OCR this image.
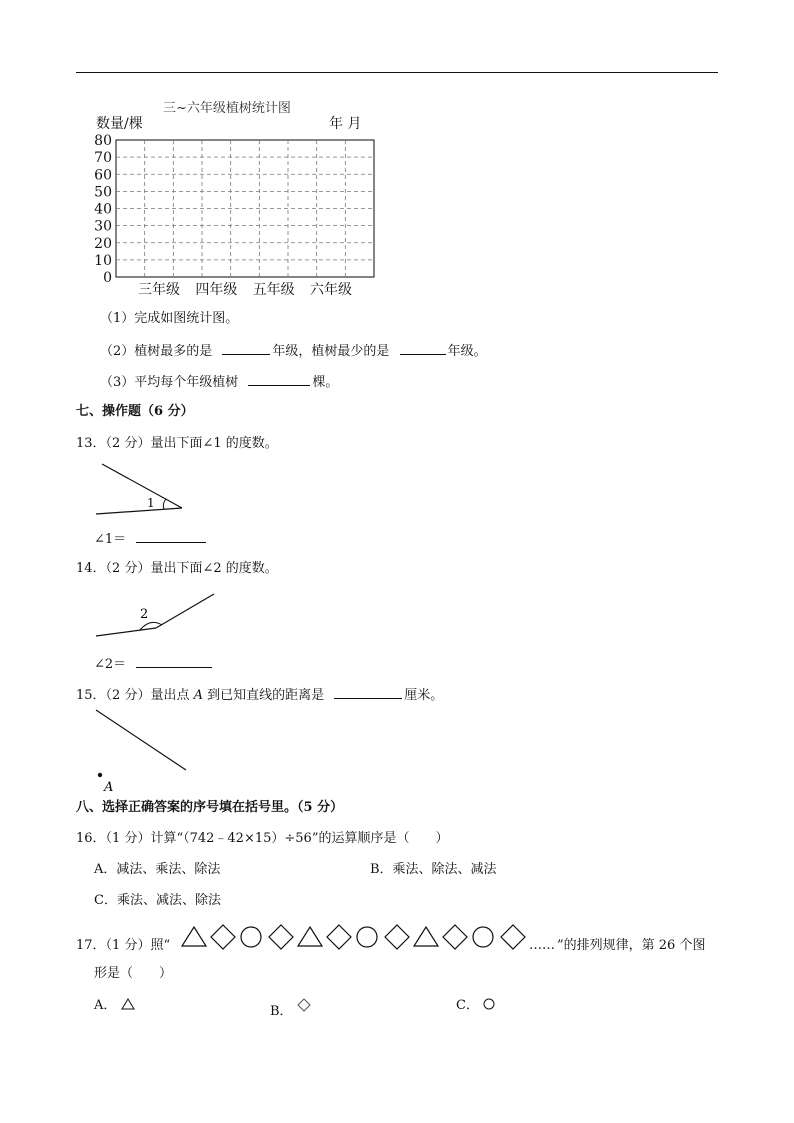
三~六年级植树统计图
数量/棵	年 月
80
70
60
50
40
30
20
10
0
三年级 四年级 五年级 六年级
（1）完成如图统计图。
（2）植树最多的是	年级，植树最少的是	年级。
（3）平均每个年级植树	棵。
七、操作题（6 分）
13．（2 分）量出下面∠1 的度数。
1
∠1＝
14．（2 分）量出下面∠2 的度数。
2
∠2＝
15．（2 分）量出点 A 到已知直线的距离是	厘米。
A
八、选择正确答案的序号填在括号里。（5 分）
16．（1 分）计算“（742﹣42×15）÷56”的运算顺序是（　　）
A．减法、乘法、除法	B．乘法、除法、减法
C．乘法、减法、除法
17．（1 分）照“	…… ”的排列规律，第 26 个图
形是（　　）
A．	B．	C．
